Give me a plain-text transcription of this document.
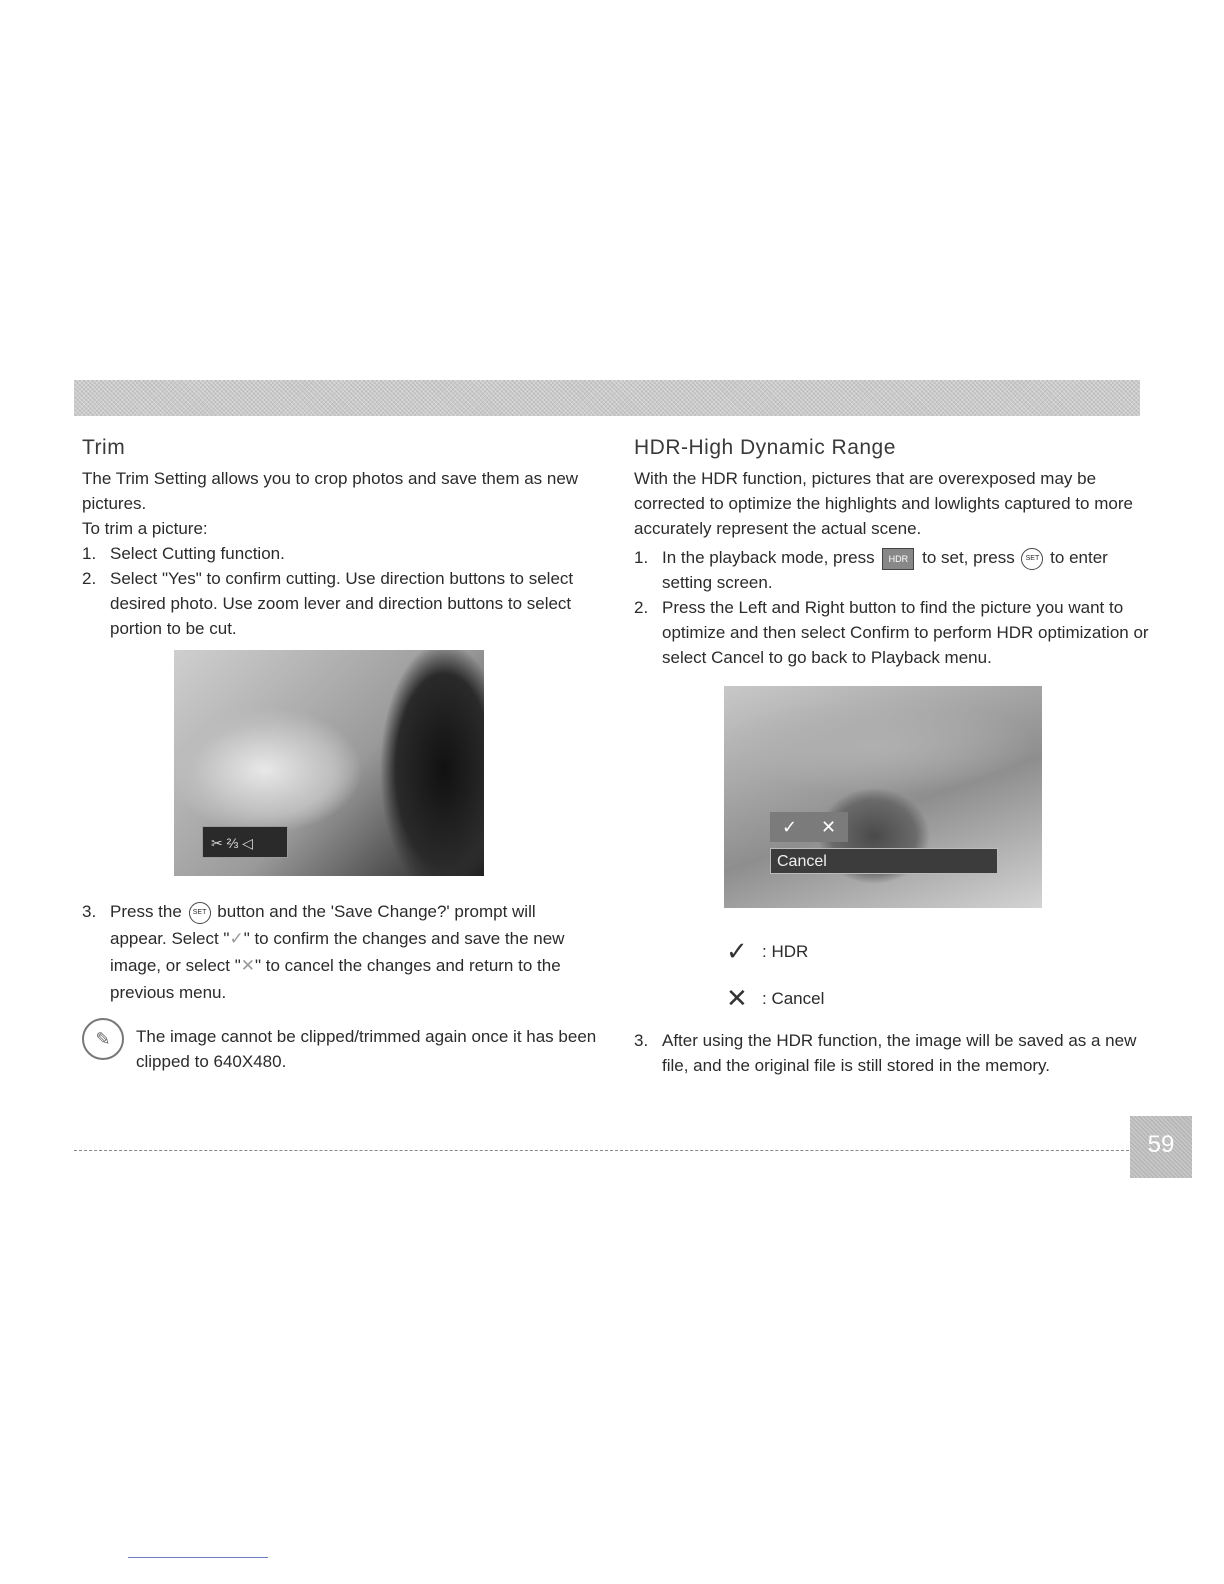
Trim

The Trim Setting allows you to crop photos and save them as new pictures.

To trim a picture:

1. Select Cutting function.
2. Select "Yes" to confirm cutting. Use direction buttons to select desired photo. Use zoom lever and direction buttons to select portion to be cut.
✂ ⅔ ◁
3. Press the SET button and the 'Save Change?' prompt will appear. Select "✓" to confirm the changes and save the new image, or select "✕" to cancel the changes and return to the previous menu.
✎	The image cannot be clipped/trimmed again once it has been clipped to 640X480.

HDR-High Dynamic Range

With the HDR function, pictures that are overexposed may be corrected to optimize the highlights and lowlights captured to more accurately represent the actual scene.

1. In the playback mode, press HDR to set, press SET to enter setting screen.
2. Press the Left and Right button to find the picture you want to optimize and then select Confirm to perform HDR optimization or select Cancel to go back to Playback menu.
✓ ✕
Cancel
✓ : HDR
✕ : Cancel
3. After using the HDR function, the image will be saved as a new file, and the original file is still stored in the memory.
59
